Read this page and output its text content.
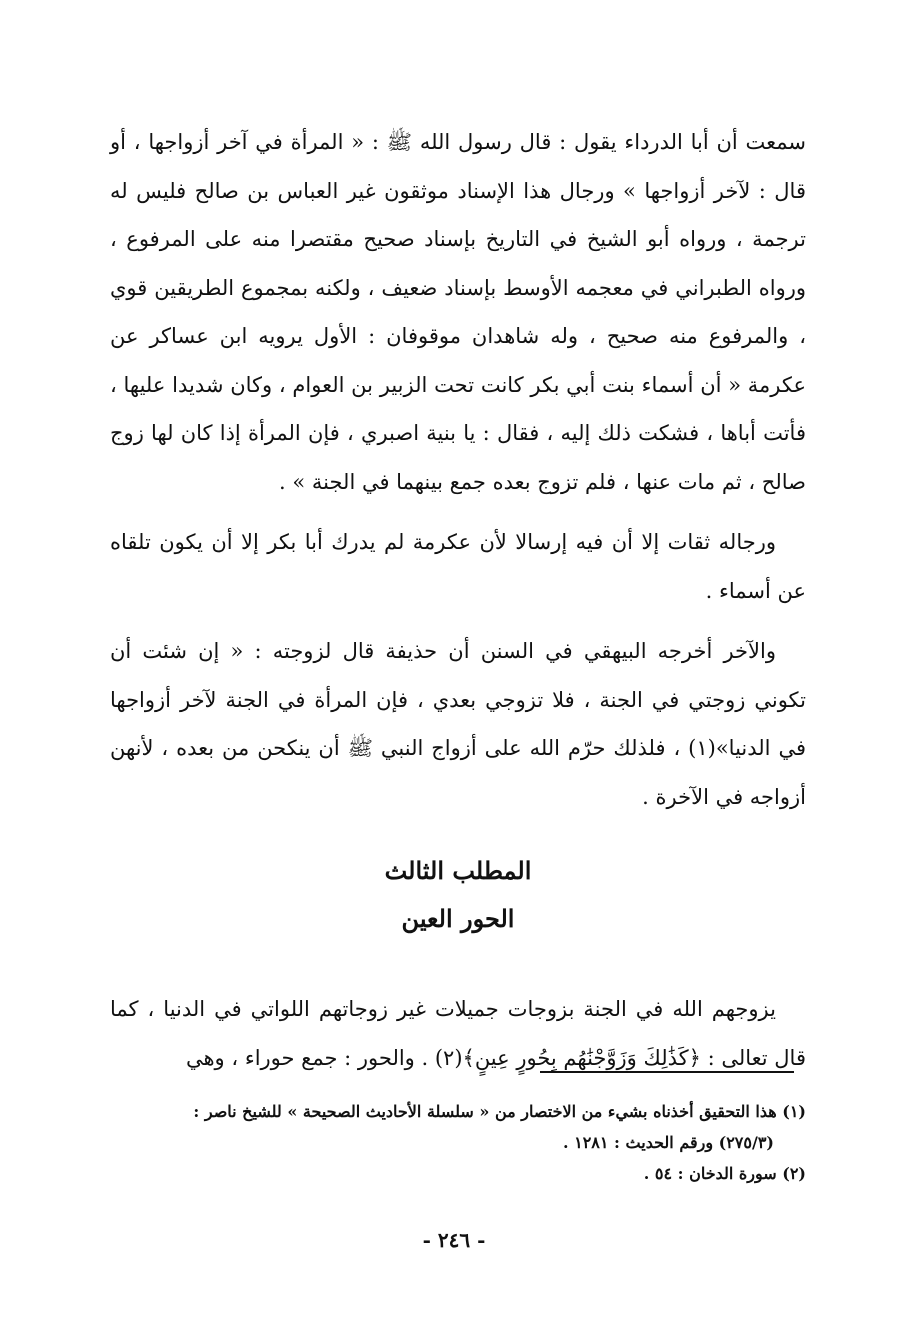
سمعت أن أبا الدرداء يقول : قال رسول الله ﷺ : « المرأة في آخر أزواجها ، أو قال : لآخر أزواجها » ورجال هذا الإسناد موثقون غير العباس بن صالح فليس له ترجمة ، ورواه أبو الشيخ في التاريخ بإسناد صحيح مقتصرا منه على المرفوع ، ورواه الطبراني في معجمه الأوسط بإسناد ضعيف ، ولكنه بمجموع الطريقين قوي ، والمرفوع منه صحيح ، وله شاهدان موقوفان : الأول يرويه ابن عساكر عن عكرمة « أن أسماء بنت أبي بكر كانت تحت الزبير بن العوام ، وكان شديدا عليها ، فأتت أباها ، فشكت ذلك إليه ، فقال : يا بنية اصبري ، فإن المرأة إذا كان لها زوج صالح ، ثم مات عنها ، فلم تزوج بعده جمع بينهما في الجنة » .

ورجاله ثقات إلا أن فيه إرسالا لأن عكرمة لم يدرك أبا بكر إلا أن يكون تلقاه عن أسماء .

والآخر أخرجه البيهقي في السنن أن حذيفة قال لزوجته : « إن شئت أن تكوني زوجتي في الجنة ، فلا تزوجي بعدي ، فإن المرأة في الجنة لآخر أزواجها في الدنيا»(١) ، فلذلك حرّم الله على أزواج النبي ﷺ أن ينكحن من بعده ، لأنهن أزواجه في الآخرة .

المطلب الثالث

الحور العين

يزوجهم الله في الجنة بزوجات جميلات غير زوجاتهم اللواتي في الدنيا ، كما قال تعالى : ﴿كَذَٰلِكَ وَزَوَّجْنَٰهُم بِحُورٍ عِينٍ﴾(٢) . والحور : جمع حوراء ، وهي

(١) هذا التحقيق أخذناه بشيء من الاختصار من « سلسلة الأحاديث الصحيحة » للشيخ ناصر :

(٢٧٥/٣) ورقم الحديث : ١٢٨١ .

(٢) سورة الدخان : ٥٤ .

- ٢٤٦ -
